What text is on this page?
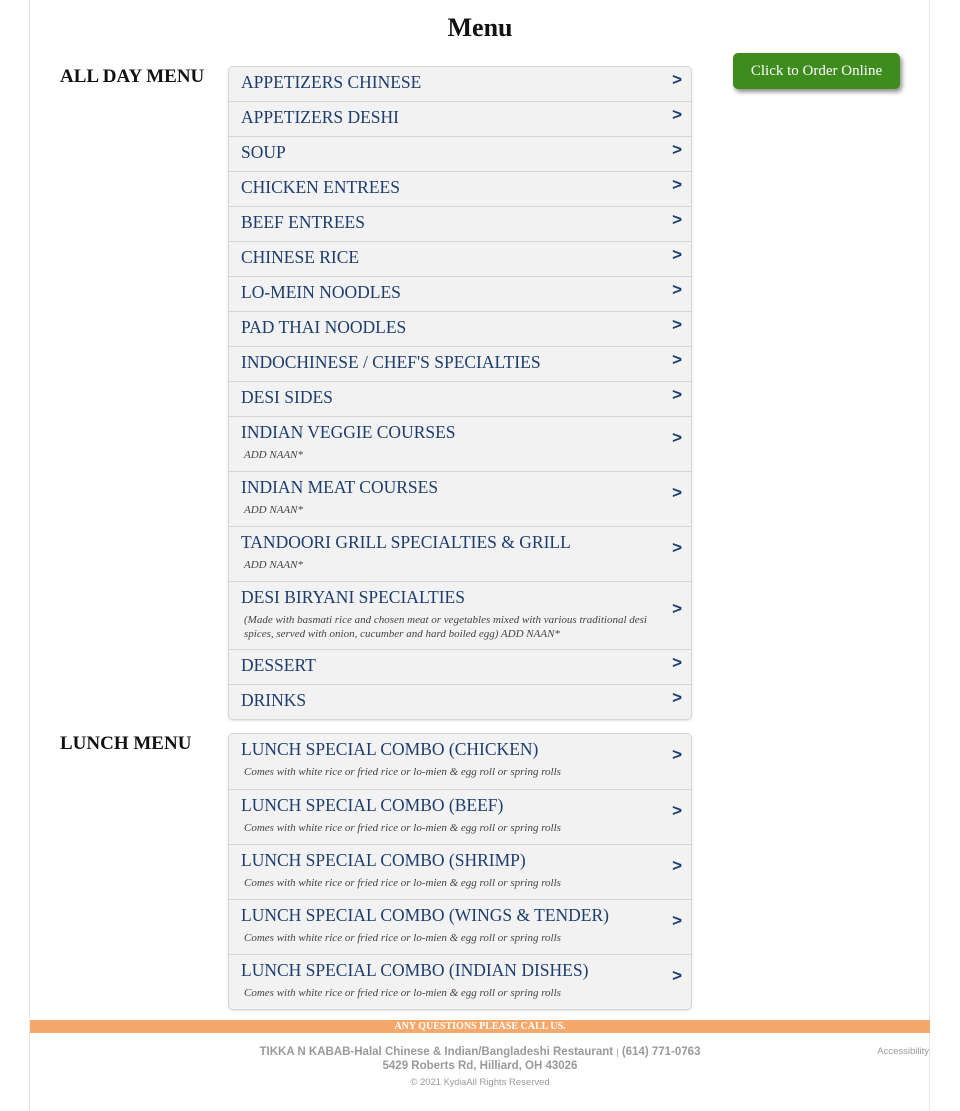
Menu
Click to Order Online
ALL DAY MENU APPETIZERS CHINESE	>
APPETIZERS DESHI	>
SOUP	>
CHICKEN ENTREES	>
BEEF ENTREES	>
CHINESE RICE	>
LO-MEIN NOODLES	>
PAD THAI NOODLES	>
INDOCHINESE / CHEF'S SPECIALTIES	>
DESI SIDES	>
INDIAN VEGGIE COURSES
ADD NAAN*
>
INDIAN MEAT COURSES
ADD NAAN*
>
TANDOORI GRILL SPECIALTIES & GRILL
ADD NAAN*
>
DESI BIRYANI SPECIALTIES
(Made with basmati rice and chosen meat or vegetables mixed with various traditional desi spices, served with onion, cucumber and hard boiled egg) ADD NAAN*
>
DESSERT	>
DRINKS	>
LUNCH MENU	LUNCH SPECIAL COMBO (CHICKEN)
Comes with white rice or fried rice or lo-mien & egg roll or spring rolls
>
LUNCH SPECIAL COMBO (BEEF)
Comes with white rice or fried rice or lo-mien & egg roll or spring rolls
>
LUNCH SPECIAL COMBO (SHRIMP)
Comes with white rice or fried rice or lo-mien & egg roll or spring rolls
>
LUNCH SPECIAL COMBO (WINGS & TENDER)
Comes with white rice or fried rice or lo-mien & egg roll or spring rolls
>
LUNCH SPECIAL COMBO (INDIAN DISHES)
Comes with white rice or fried rice or lo-mien & egg roll or spring rolls
>
ANY QUESTIONS PLEASE CALL US.
TIKKA N KABAB-Halal Chinese & Indian/Bangladeshi Restaurant | (614) 771-0763
5429 Roberts Rd, Hilliard, OH 43026
© 2021 KydiaAll Rights Reserved
Accessibility
